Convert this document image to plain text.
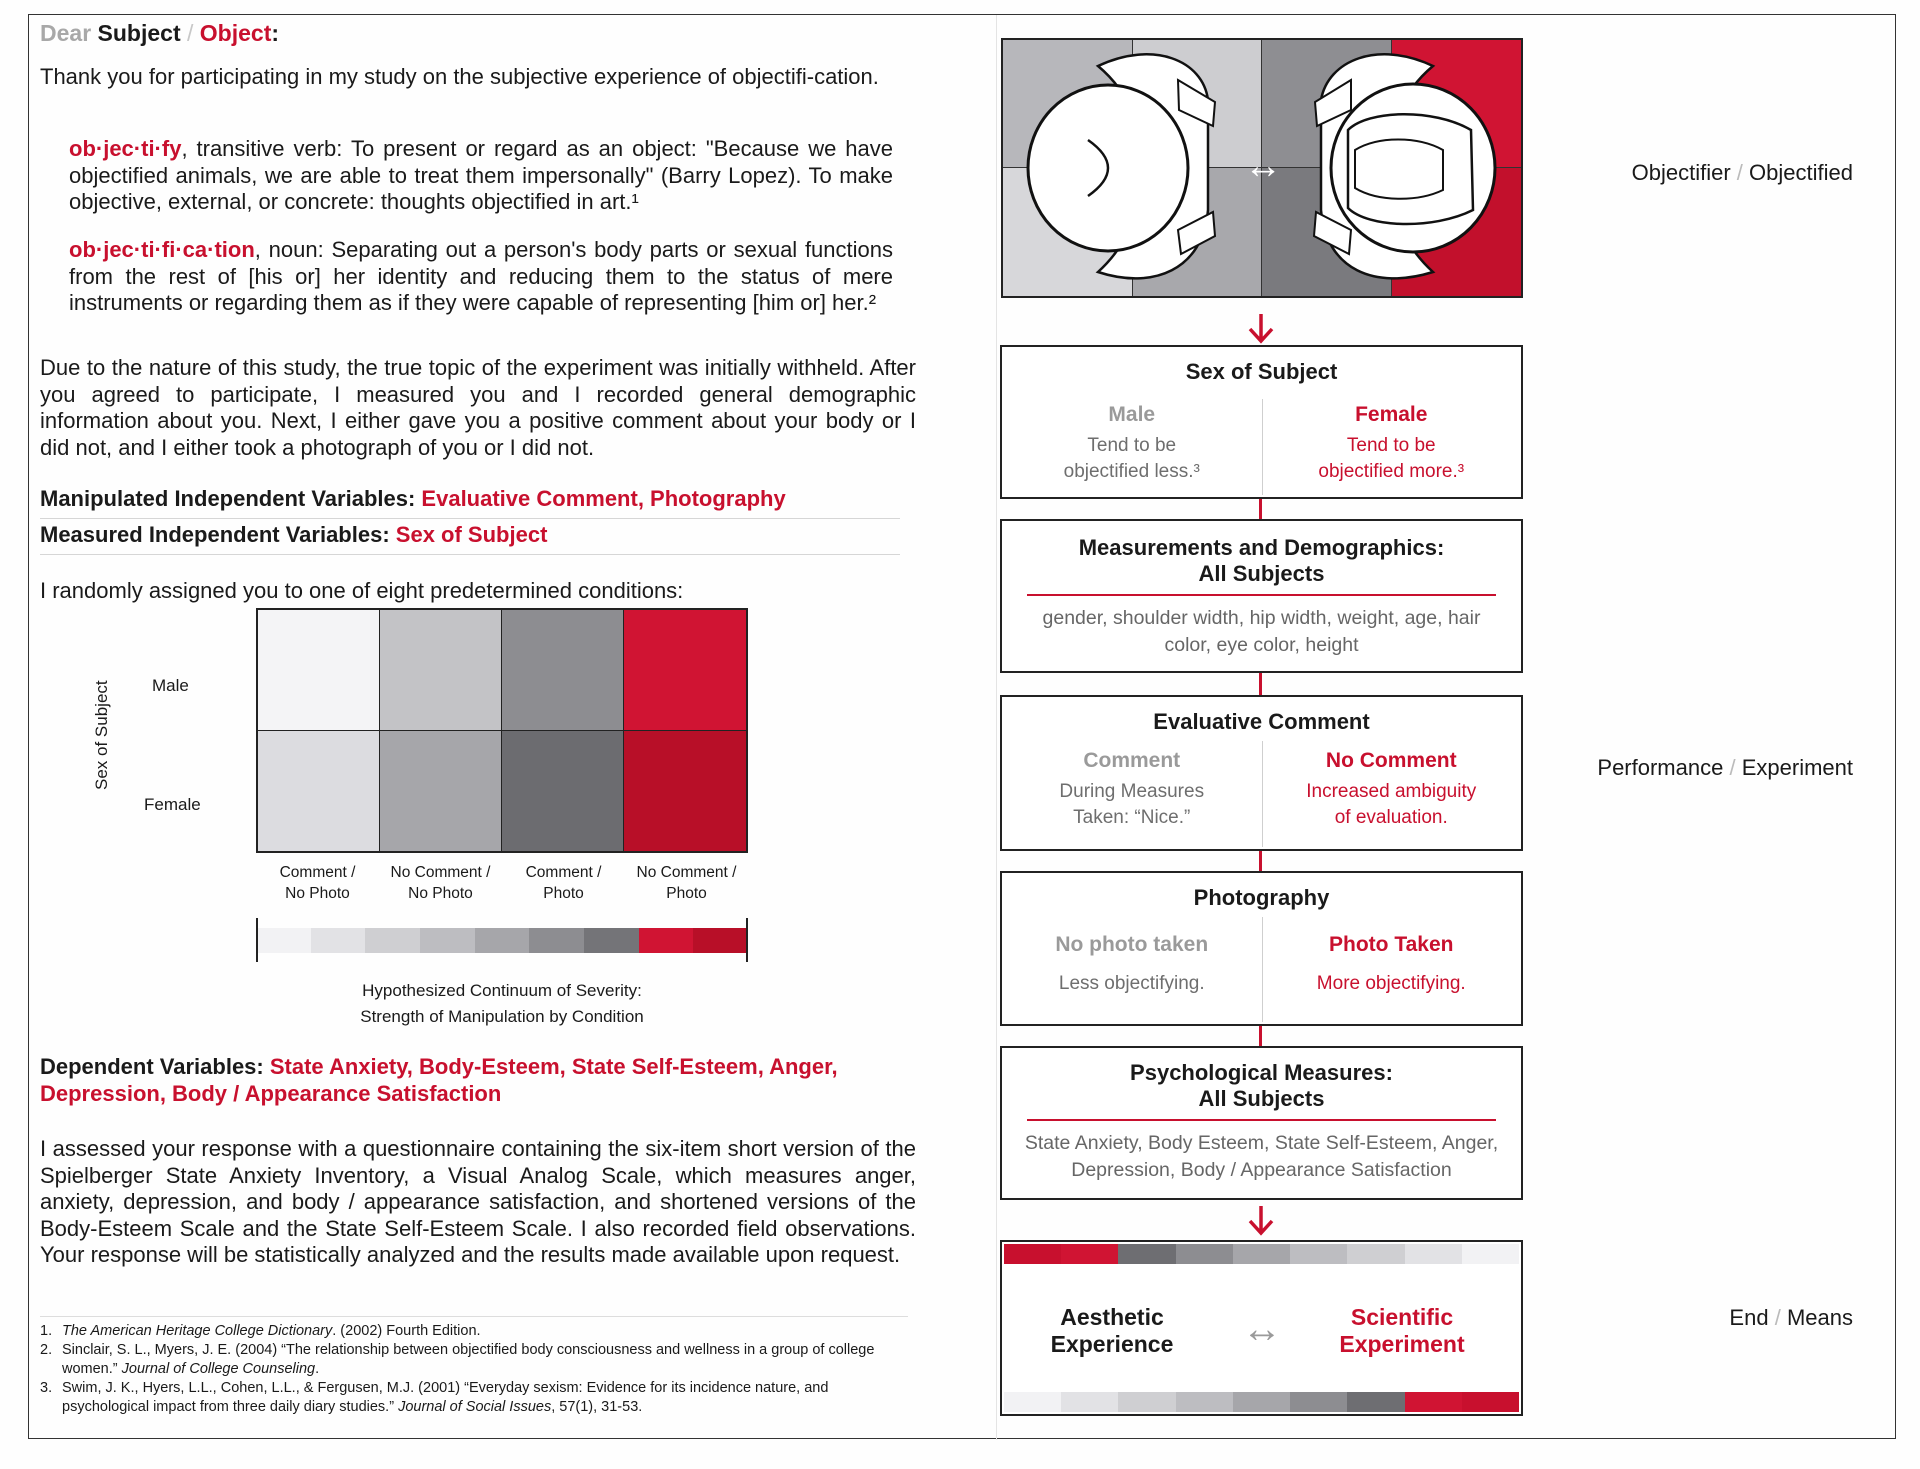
Dear Subject / Object:
Thank you for participating in my study on the subjective experience of objectifi-cation.
ob·jec·ti·fy, transitive verb: To present or regard as an object: "Because we have objectified animals, we are able to treat them impersonally" (Barry Lopez). To make objective, external, or concrete: thoughts objectified in art.¹
ob·jec·ti·fi·ca·tion, noun: Separating out a person's body parts or sexual functions from the rest of [his or] her identity and reducing them to the status of mere instruments or regarding them as if they were capable of representing [him or] her.²
Due to the nature of this study, the true topic of the experiment was initially withheld. After you agreed to participate, I measured you and I recorded general demographic information about you. Next, I either gave you a positive comment about your body or I did not, and I either took a photograph of you or I did not.
Manipulated Independent Variables: Evaluative Comment, Photography
Measured Independent Variables: Sex of Subject
I randomly assigned you to one of eight predetermined conditions:
Sex of Subject Male
Female
Comment /
No Photo
No Comment /
No Photo
Comment /
Photo
No Comment /
Photo
Hypothesized Continuum of Severity:
Strength of Manipulation by Condition
Dependent Variables: State Anxiety, Body-Esteem, State Self-Esteem, Anger, Depression, Body / Appearance Satisfaction
I assessed your response with a questionnaire containing the six-item short version of the Spielberger State Anxiety Inventory, a Visual Analog Scale, which measures anger, anxiety, depression, and body / appearance satisfaction, and shortened versions of the Body-Esteem Scale and the State Self-Esteem Scale. I also recorded field observations. Your response will be statistically analyzed and the results made available upon request.
1. The American Heritage College Dictionary. (2002) Fourth Edition.
2. Sinclair, S. L., Myers, J. E. (2004) “The relationship between objectified body consciousness and wellness in a group of college women.” Journal of College Counseling.
3. Swim, J. K., Hyers, L.L., Cohen, L.L., & Fergusen, M.J. (2001) “Everyday sexism: Evidence for its incidence nature, and psychological impact from three daily diary studies.” Journal of Social Issues, 57(1), 31-53.
↔
Sex of Subject
Male
Tend to be objectified less.³
Female
Tend to be objectified more.³
Measurements and Demographics:
All Subjects
gender, shoulder width, hip width, weight, age, hair color, eye color, height
Evaluative Comment
Comment
During Measures Taken: “Nice.”
No Comment
Increased ambiguity of evaluation.
Photography
No photo taken
Less objectifying.
Photo Taken
More objectifying.
Psychological Measures:
All Subjects
State Anxiety, Body Esteem, State Self-Esteem, Anger, Depression, Body / Appearance Satisfaction
Aesthetic Experience	↔	Scientific Experiment
Objectifier / Objectified
Performance / Experiment
End / Means
